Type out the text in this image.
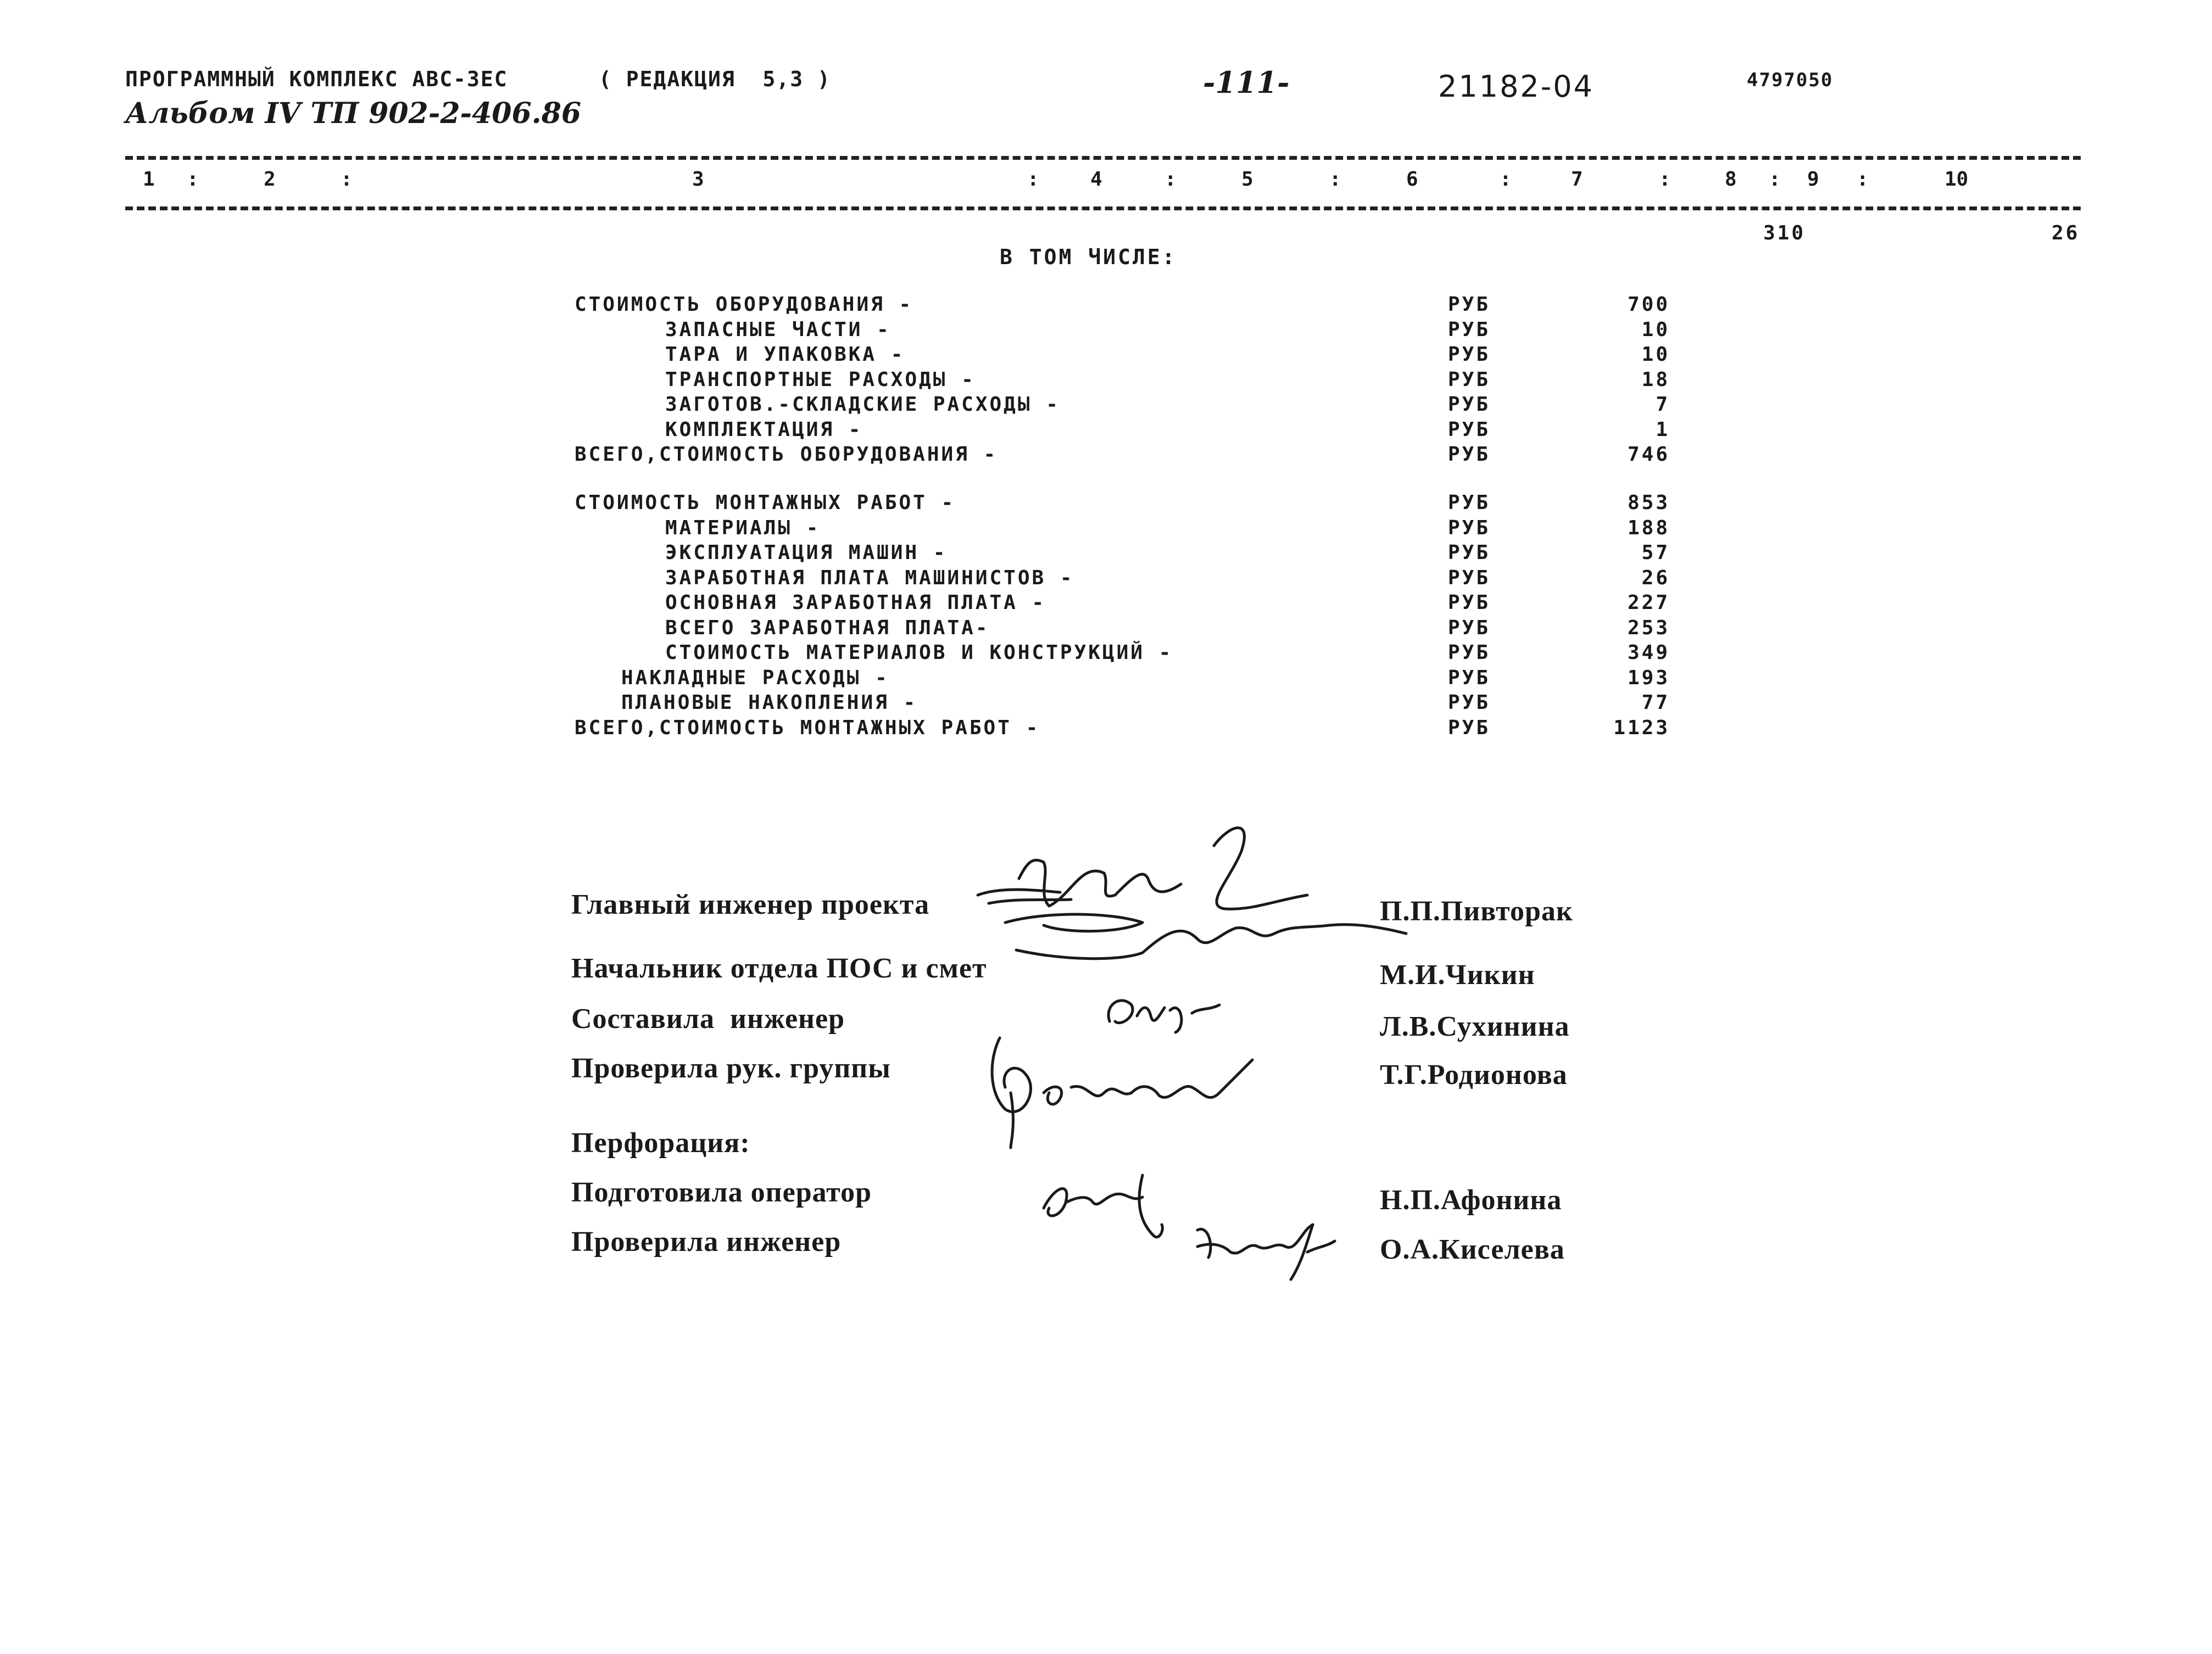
ПРОГРАММНЫЙ КОМПЛЕКС АВС-ЗЕС	( РЕДАКЦИЯ  5,3 )	-111-	21182-04	4797050
Альбом IV ТП 902-2-406.86
1 :	2	:	3	:	4	:	5	:	6	:	7	:	8 : 9 :	10
310	26
В ТОМ ЧИСЛЕ:
СТОИМОСТЬ ОБОРУДОВАНИЯ -	РУБ	700
ЗАПАСНЫЕ ЧАСТИ -	РУБ	10
ТАРА И УПАКОВКА -	РУБ	10
ТРАНСПОРТНЫЕ РАСХОДЫ -	РУБ	18
ЗАГОТОВ.-СКЛАДСКИЕ РАСХОДЫ -	РУБ	7
КОМПЛЕКТАЦИЯ -	РУБ	1
ВСЕГО,СТОИМОСТЬ ОБОРУДОВАНИЯ -	РУБ	746
СТОИМОСТЬ МОНТАЖНЫХ РАБОТ -	РУБ	853
МАТЕРИАЛЫ -	РУБ	188
ЭКСПЛУАТАЦИЯ МАШИН -	РУБ	57
ЗАРАБОТНАЯ ПЛАТА МАШИНИСТОВ -	РУБ	26
ОСНОВНАЯ ЗАРАБОТНАЯ ПЛАТА -	РУБ	227
ВСЕГО ЗАРАБОТНАЯ ПЛАТА-	РУБ	253
СТОИМОСТЬ МАТЕРИАЛОВ И КОНСТРУКЦИЙ -	РУБ	349
НАКЛАДНЫЕ РАСХОДЫ -	РУБ	193
ПЛАНОВЫЕ НАКОПЛЕНИЯ -	РУБ	77
ВСЕГО,СТОИМОСТЬ МОНТАЖНЫХ РАБОТ -	РУБ	1123
Главный инженер проекта	П.П.Пивторак
Начальник отдела ПОС и смет	М.И.Чикин
Составила  инженер	Л.В.Сухинина
Проверила рук. группы	Т.Г.Родионова
Перфорация:
Подготовила оператор	Н.П.Афонина
Проверила инженер	О.А.Киселева
